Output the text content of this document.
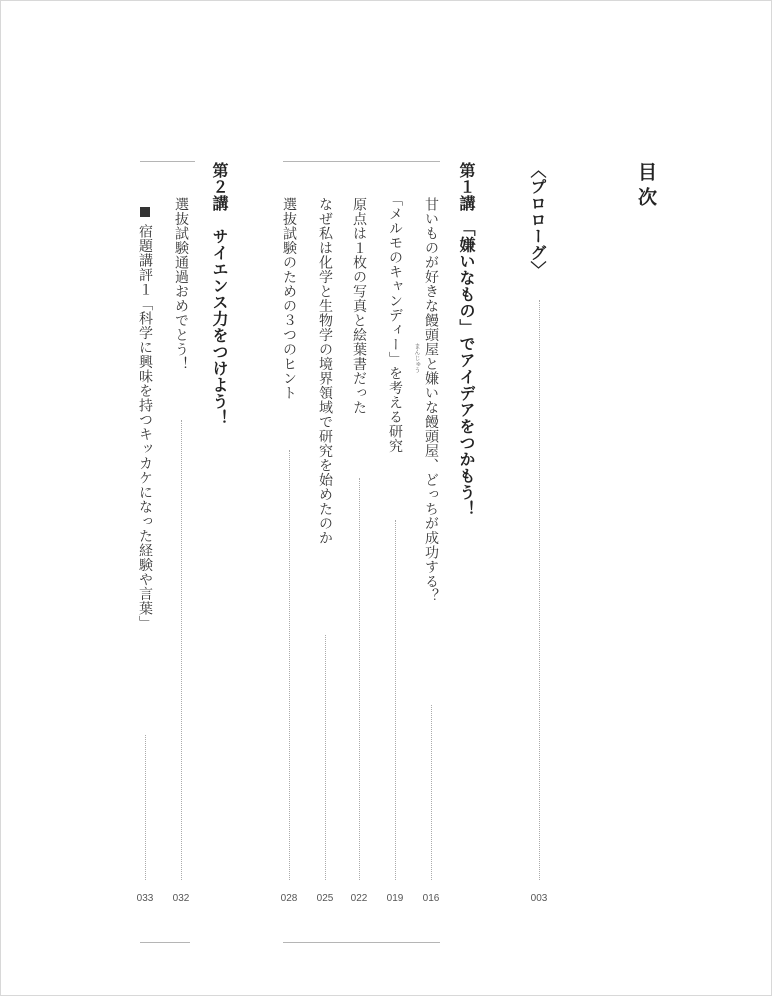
目次
〈プロローグ〉
003
第１講　「嫌いなもの」でアイデアをつかもう！
甘いものが好きな饅頭屋と嫌いな饅頭屋、どっちが成功する？
まんじゅう
016
「メルモのキャンディー」を考える研究
019
原点は１枚の写真と絵葉書だった
022
なぜ私は化学と生物学の境界領域で研究を始めたのか
025
選抜試験のための３つのヒント
028
第２講　サイエンス力をつけよう！
選抜試験通過おめでとう！
032
宿題講評１「科学に興味を持つキッカケになった経験や言葉」
033
